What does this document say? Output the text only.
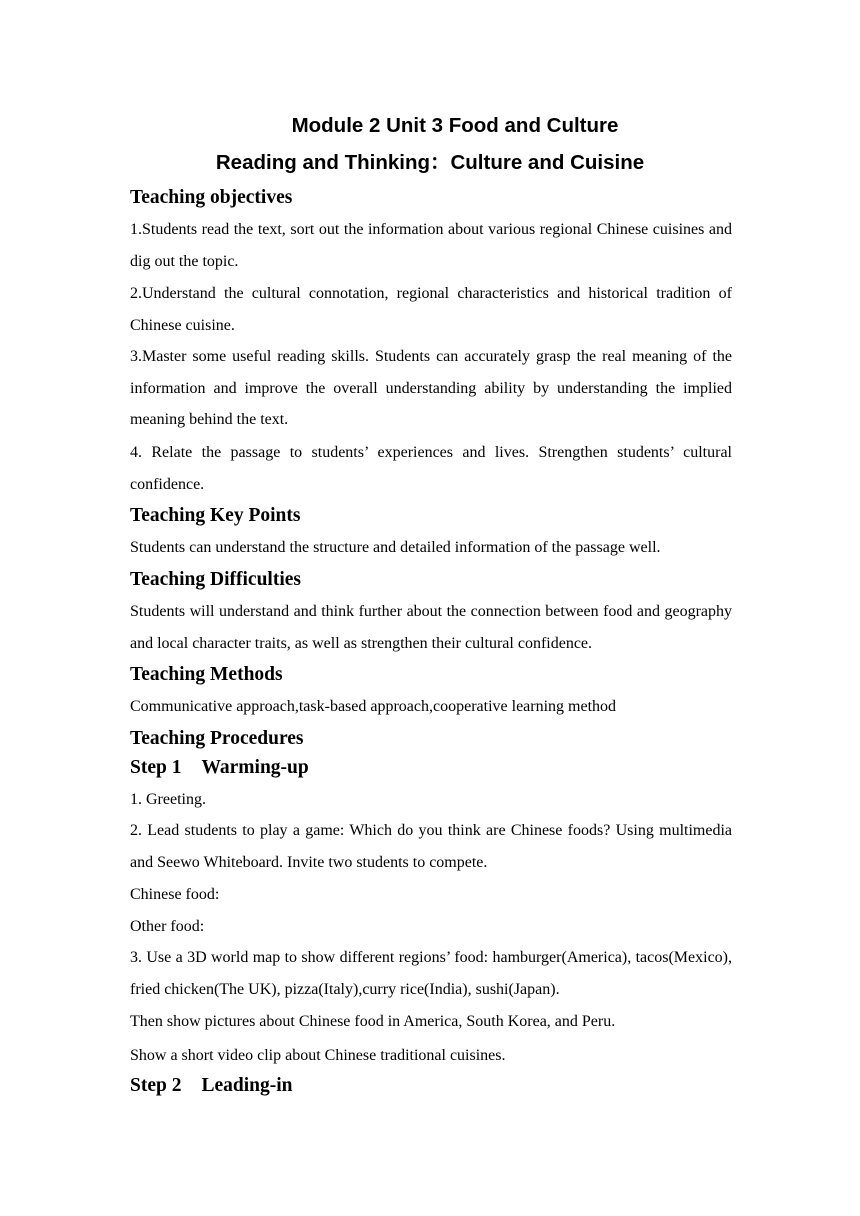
Module 2 Unit 3 Food and Culture
Reading and Thinking：Culture and Cuisine
Teaching objectives

1.Students read the text, sort out the information about various regional Chinese cuisines and dig out the topic.

2.Understand the cultural connotation, regional characteristics and historical tradition of Chinese cuisine.

3.Master some useful reading skills. Students can accurately grasp the real meaning of the information and improve the overall understanding ability by understanding the implied meaning behind the text.

4. Relate the passage to students’ experiences and lives. Strengthen students’ cultural confidence.

Teaching Key Points

Students can understand the structure and detailed information of the passage well.

Teaching Difficulties

Students will understand and think further about the connection between food and geography and local character traits, as well as strengthen their cultural confidence.

Teaching Methods

Communicative approach,task-based approach,cooperative learning method

Teaching Procedures
Step 1 Warming-up

1. Greeting.

2. Lead students to play a game: Which do you think are Chinese foods? Using multimedia and Seewo Whiteboard. Invite two students to compete.

Chinese food:

Other food:

3. Use a 3D world map to show different regions’ food: hamburger(America), tacos(Mexico), fried chicken(The UK), pizza(Italy),curry rice(India), sushi(Japan).

Then show pictures about Chinese food in America, South Korea, and Peru.

Show a short video clip about Chinese traditional cuisines.

Step 2 Leading-in
